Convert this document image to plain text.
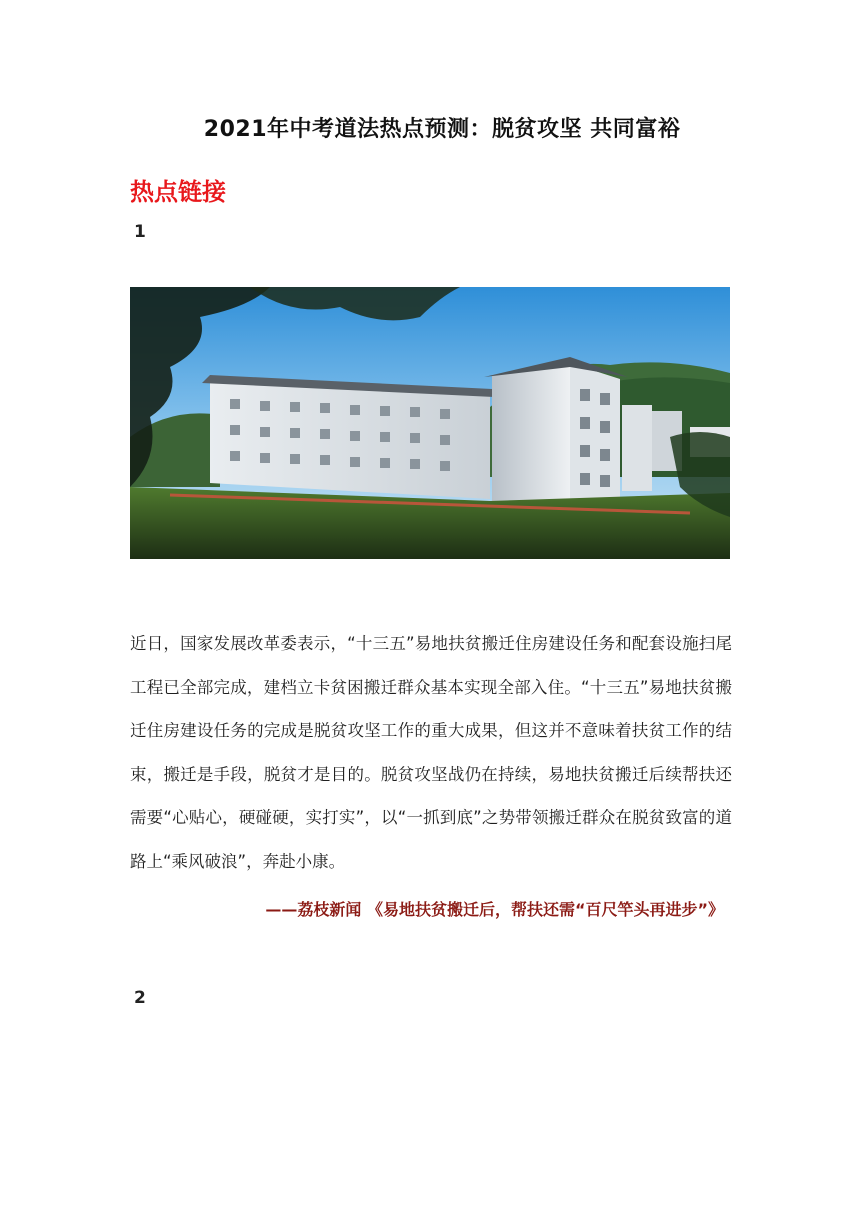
2021年中考道法热点预测：脱贫攻坚 共同富裕
热点链接
1

近日，国家发展改革委表示，“十三五”易地扶贫搬迁住房建设任务和配套设施扫尾工程已全部完成，建档立卡贫困搬迁群众基本实现全部入住。“十三五”易地扶贫搬迁住房建设任务的完成是脱贫攻坚工作的重大成果，但这并不意味着扶贫工作的结束，搬迁是手段，脱贫才是目的。脱贫攻坚战仍在持续，易地扶贫搬迁后续帮扶还需要“心贴心，硬碰硬，实打实”，以“一抓到底”之势带领搬迁群众在脱贫致富的道路上“乘风破浪”，奔赴小康。

——荔枝新闻 《易地扶贫搬迁后，帮扶还需“百尺竿头再进步”》
2
